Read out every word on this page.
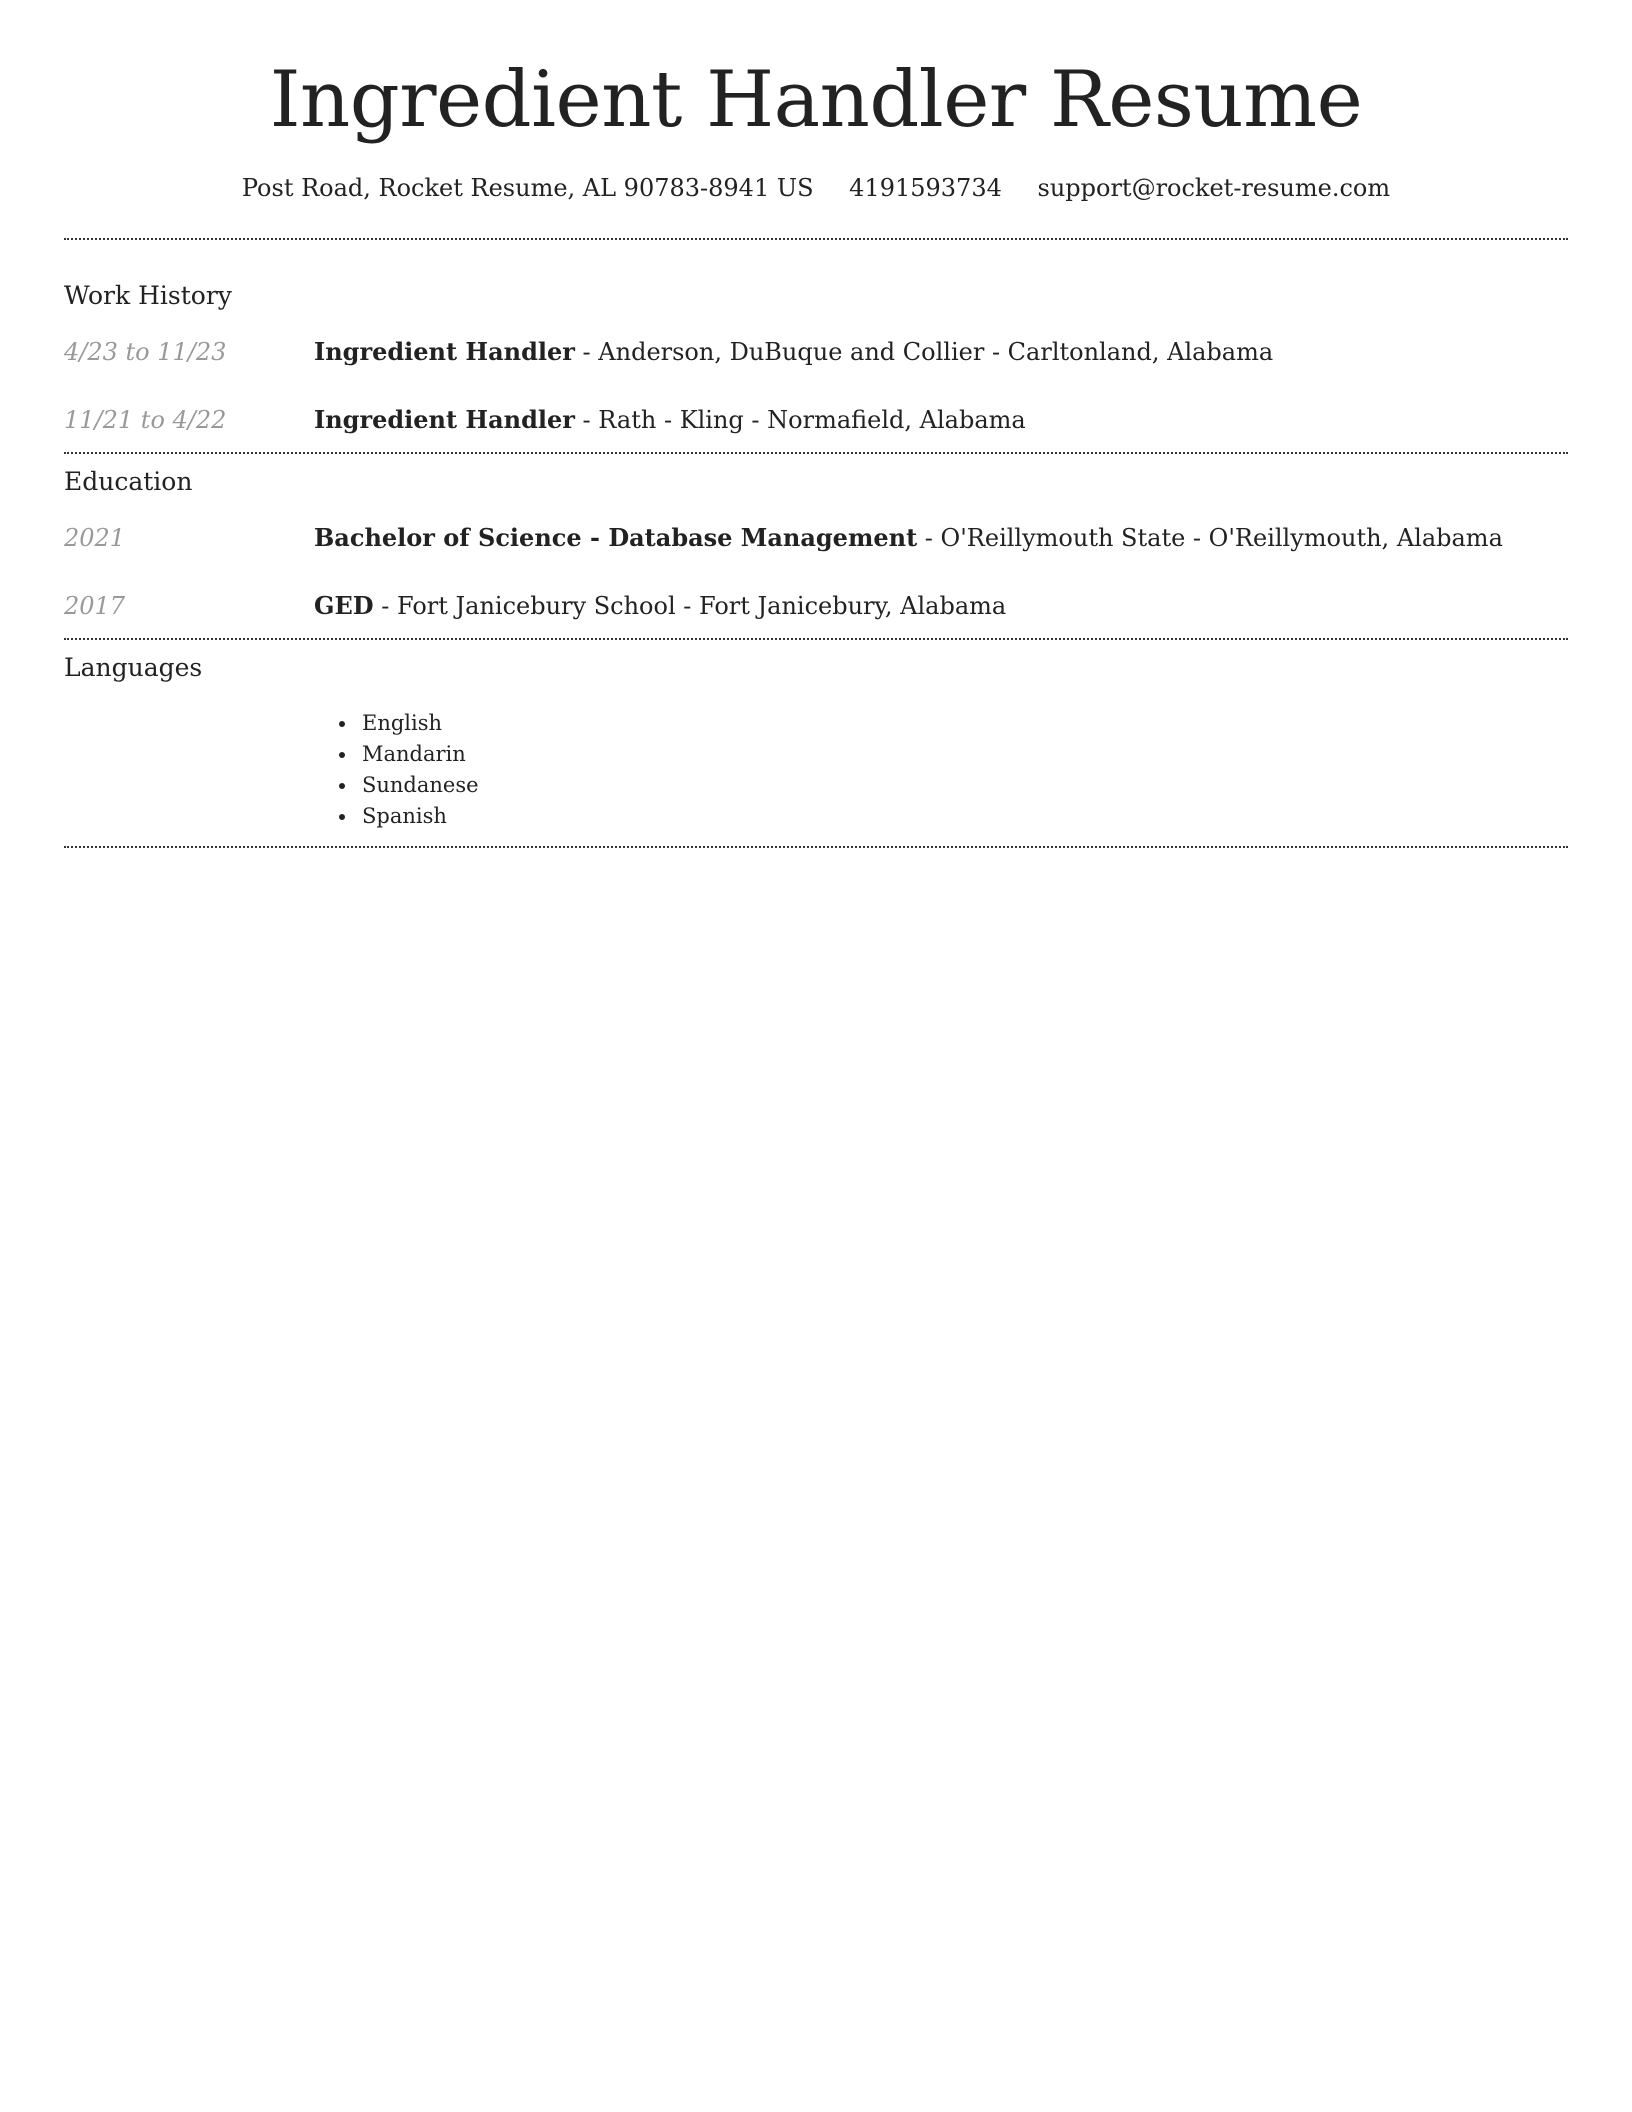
Ingredient Handler Resume
Post Road, Rocket Resume, AL 90783-8941 US 4191593734 support@rocket-resume.com
Work History
4/23 to 11/23	Ingredient Handler - Anderson, DuBuque and Collier - Carltonland, Alabama
11/21 to 4/22	Ingredient Handler - Rath - Kling - Normafield, Alabama
Education
2021	Bachelor of Science - Database Management - O'Reillymouth State - O'Reillymouth, Alabama
2017	GED - Fort Janicebury School - Fort Janicebury, Alabama
Languages
• English
• Mandarin
• Sundanese
• Spanish
